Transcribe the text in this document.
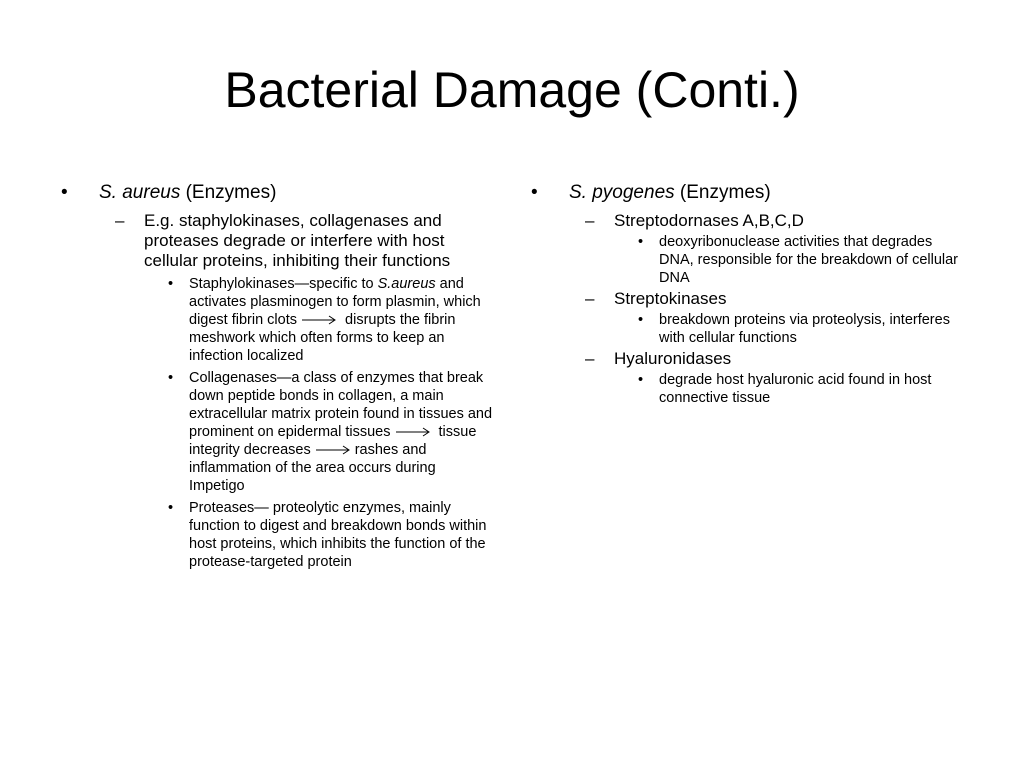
Bacterial Damage (Conti.)
• S. aureus (Enzymes)
– E.g. staphylokinases, collagenases and proteases degrade or interfere with host cellular proteins, inhibiting their functions
• Staphylokinases—specific to S.aureus and activates plasminogen to form plasmin, which digest fibrin clots	disrupts the fibrin meshwork which often forms to keep an infection localized
• Collagenases—a class of enzymes that break down peptide bonds in collagen, a main extracellular matrix protein found in tissues and prominent on epidermal tissues	tissue integrity decreases	rashes and inflammation of the area occurs during Impetigo
• Proteases— proteolytic enzymes, mainly function to digest and breakdown bonds within host proteins, which inhibits the function of the protease-targeted protein
• S. pyogenes (Enzymes)
– Streptodornases A,B,C,D
• deoxyribonuclease activities that degrades DNA, responsible for the breakdown of cellular DNA
– Streptokinases
• breakdown proteins via proteolysis, interferes with cellular functions
– Hyaluronidases
• degrade host hyaluronic acid found in host connective tissue
